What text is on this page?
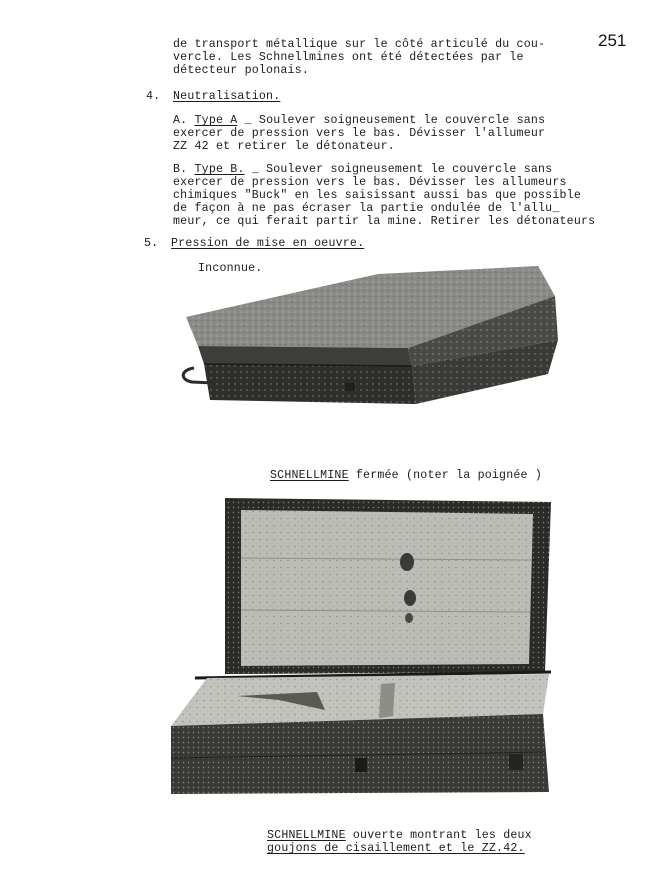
251
de transport métallique sur le côté articulé du cou-
vercle. Les Schnellmines ont été détectées par le
détecteur polonais.
4. Neutralisation.
A. Type A _ Soulever soigneusement le couvercle sans
exercer de pression vers le bas. Dévisser l'allumeur
ZZ 42 et retirer le détonateur.
B. Type B. _ Soulever soigneusement le couvercle sans
exercer de pression vers le bas. Dévisser les allumeurs
chimiques "Buck" en les saisissant aussi bas que possible
de façon à ne pas écraser la partie ondulée de l'allu_
meur, ce qui ferait partir la mine. Retirer les détonateurs
5. Pression de mise en oeuvre.
Inconnue.
SCHNELLMINE fermée (noter la poignée )
SCHNELLMINE ouverte montrant les deux
goujons de cisaillement et le ZZ.42.
